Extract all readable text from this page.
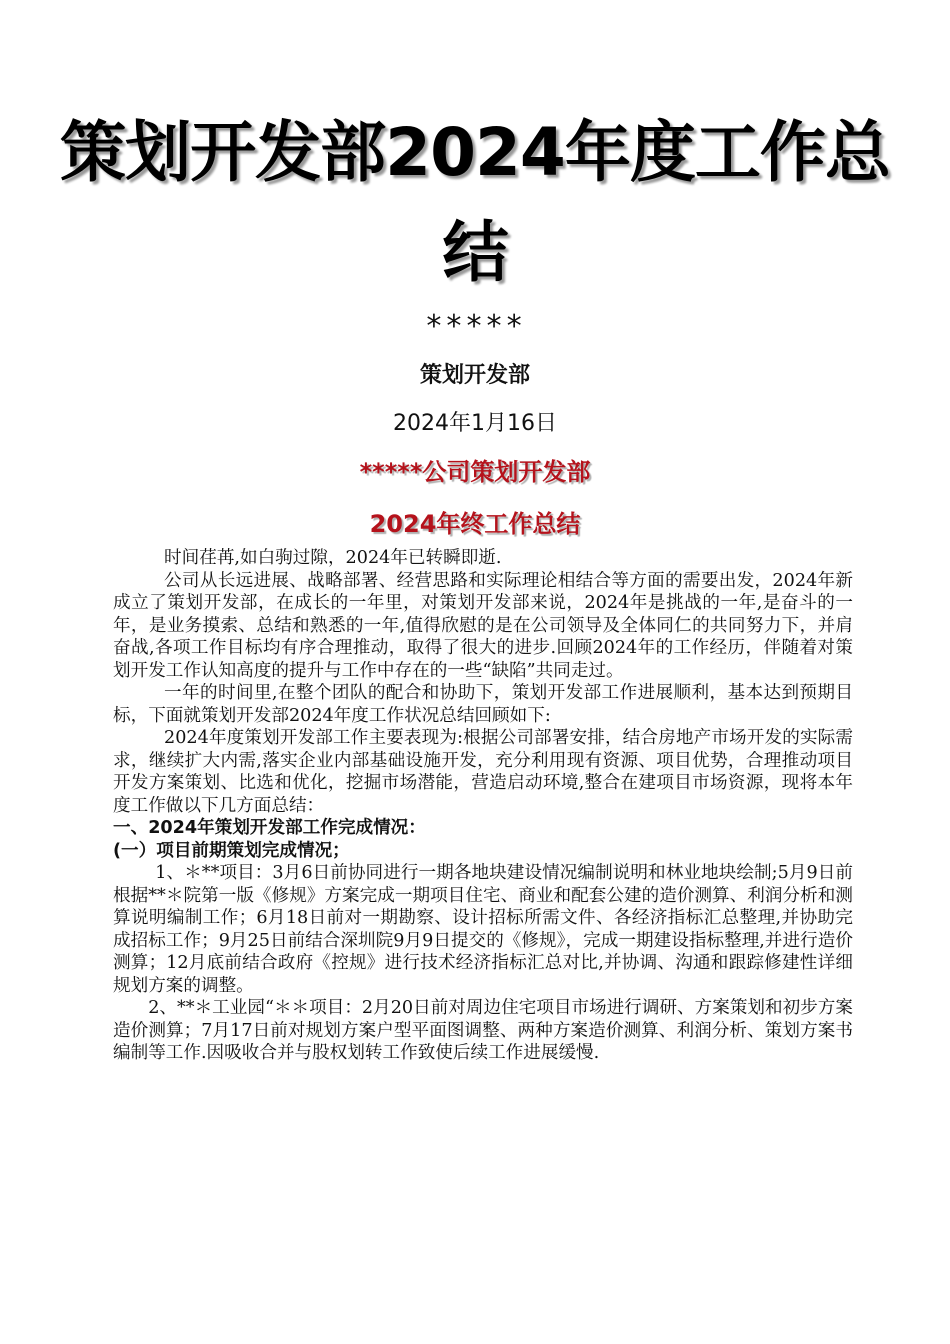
策划开发部2024年度工作总
结
*****
策划开发部
2024年1月16日
*****公司策划开发部
2024年终工作总结

时间荏苒,如白驹过隙，2024年已转瞬即逝.

公司从长远进展、战略部署、经营思路和实际理论相结合等方面的需要出发，2024年新成立了策划开发部，在成长的一年里，对策划开发部来说，2024年是挑战的一年,是奋斗的一年，是业务摸索、总结和熟悉的一年,值得欣慰的是在公司领导及全体同仁的共同努力下，并肩奋战,各项工作目标均有序合理推动，取得了很大的进步.回顾2024年的工作经历，伴随着对策划开发工作认知高度的提升与工作中存在的一些“缺陷”共同走过。

一年的时间里,在整个团队的配合和协助下，策划开发部工作进展顺利，基本达到预期目标，下面就策划开发部2024年度工作状况总结回顾如下:

2024年度策划开发部工作主要表现为:根据公司部署安排，结合房地产市场开发的实际需求，继续扩大内需,落实企业内部基础设施开发，充分利用现有资源、项目优势，合理推动项目开发方案策划、比选和优化，挖掘市场潜能，营造启动环境,整合在建项目市场资源，现将本年度工作做以下几方面总结：

一、2024年策划开发部工作完成情况：

(一）项目前期策划完成情况；

1、＊**项目：3月6日前协同进行一期各地块建设情况编制说明和林业地块绘制;5月9日前根据**＊院第一版《修规》方案完成一期项目住宅、商业和配套公建的造价测算、利润分析和测算说明编制工作；6月18日前对一期勘察、设计招标所需文件、各经济指标汇总整理,并协助完成招标工作；9月25日前结合深圳院9月9日提交的《修规》，完成一期建设指标整理,并进行造价测算；12月底前结合政府《控规》进行技术经济指标汇总对比,并协调、沟通和跟踪修建性详细规划方案的调整。

2、**＊工业园“＊＊项目：2月20日前对周边住宅项目市场进行调研、方案策划和初步方案造价测算；7月17日前对规划方案户型平面图调整、两种方案造价测算、利润分析、策划方案书编制等工作.因吸收合并与股权划转工作致使后续工作进展缓慢.
